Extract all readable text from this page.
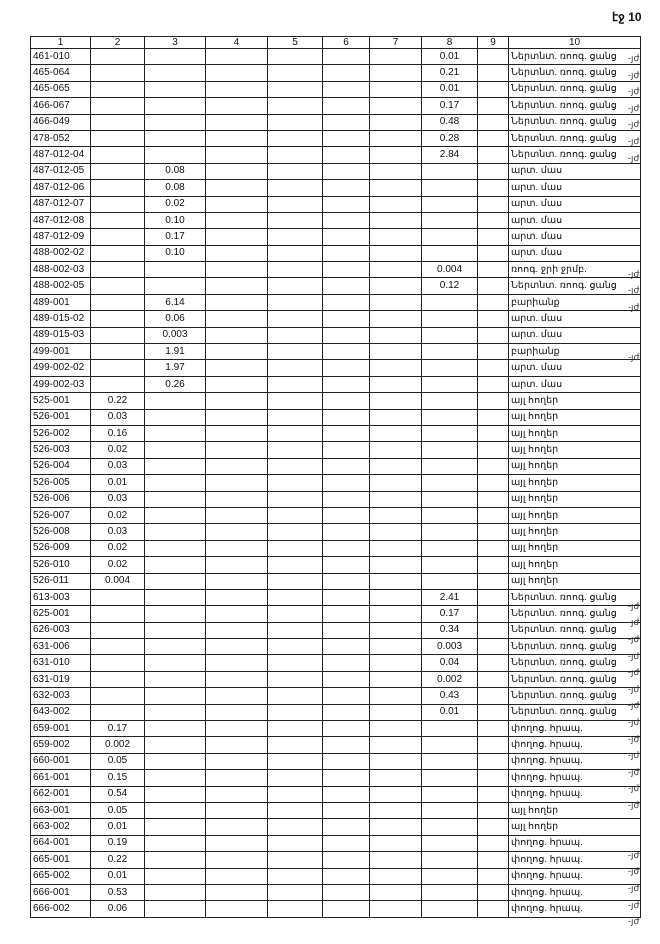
էջ 10
1	2	3	4	5	6	7	8	9	10
461-010							0.01		Ներտնտ. ռոոգ. ցանց
465-064							0.21		Ներտնտ. ռոոգ. ցանց
465-065							0.01		Ներտնտ. ռոոգ. ցանց
466-067							0.17		Ներտնտ. ռոոգ. ցանց
466-049							0.48		Ներտնտ. ռոոգ. ցանց
478-052							0.28		Ներտնտ. ռոոգ. ցանց
487-012-04							2.84		Ներտնտ. ռոոգ. ցանց
487-012-05		0.08							արտ. մաս
487-012-06		0.08							արտ. մաս
487-012-07		0.02							արտ. մաս
487-012-08		0.10							արտ. մաս
487-012-09		0.17							արտ. մաս
488-002-02		0.10							արտ. մաս
488-002-03							0.004		ռոոգ. ջրի ջրմբ.
488-002-05							0.12		Ներտնտ. ռոոգ. ցանց
489-001		6.14							բարիանք
489-015-02		0.06							արտ. մաս
489-015-03		0.003							արտ. մաս
499-001		1.91							բարիանք
499-002-02		1.97							արտ. մաս
499-002-03		0.26							արտ. մաս
525-001	0.22								այլ հողեր
526-001	0.03								այլ հողեր
526-002	0.16								այլ հողեր
526-003	0.02								այլ հողեր
526-004	0.03								այլ հողեր
526-005	0.01								այլ հողեր
526-006	0.03								այլ հողեր
526-007	0.02								այլ հողեր
526-008	0.03								այլ հողեր
526-009	0.02								այլ հողեր
526-010	0.02								այլ հողեր
526-011	0.004								այլ հողեր
613-003							2.41		Ներտնտ. ռոոգ. ցանց
625-001							0.17		Ներտնտ. ռոոգ. ցանց
626-003							0.34		Ներտնտ. ռոոգ. ցանց
631-006							0.003		Ներտնտ. ռոոգ. ցանց
631-010							0.04		Ներտնտ. ռոոգ. ցանց
631-019							0.002		Ներտնտ. ռոոգ. ցանց
632-003							0.43		Ներտնտ. ռոոգ. ցանց
643-002							0.01		Ներտնտ. ռոոգ. ցանց
659-001	0.17								փողոց. հրապ.
659-002	0.002								փողոց. հրապ.
660-001	0.05								փողոց. հրապ.
661-001	0.15								փողոց. հրապ.
662-001	0.54								փողոց. հրապ.
663-001	0.05								այլ հողեր
663-002	0.01								այլ հողեր
664-001	0.19								փողոց. հրապ.
665-001	0.22								փողոց. հրապ.
665-002	0.01								փողոց. հրապ.
666-001	0.53								փողոց. հրապ.
666-002	0.06								փողոց. հրապ.
-յժ
-յժ
-յժ
-յժ
-յժ.
-յժ
-յժ
-յժ
-յժ
-յժ
-յժ
-յժ
-յժ
-յժ
-յժ
-յժ
-յժ
-յժ
-յժ
-յժ
-յժ
-յժ
-յժ
-յժ
-յժ
-յժ
-յժ
-յժ
-յժ
